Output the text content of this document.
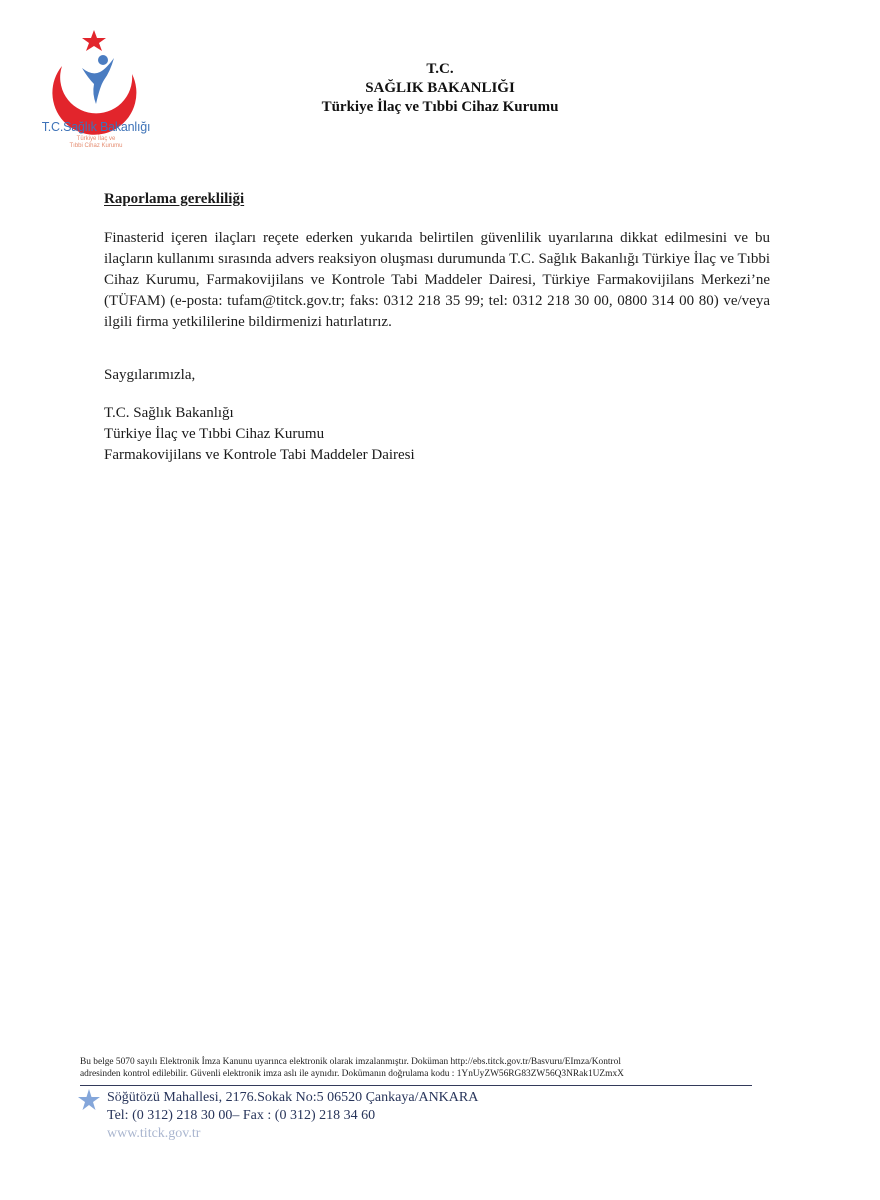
T.C.Sağlık Bakanlığı
Türkiye İlaç ve
Tıbbi Cihaz Kurumu
T.C.
SAĞLIK BAKANLIĞI
Türkiye İlaç ve Tıbbi Cihaz Kurumu
Raporlama gerekliliği
Finasterid içeren ilaçları reçete ederken yukarıda belirtilen güvenlilik uyarılarına dikkat edilmesini ve bu ilaçların kullanımı sırasında advers reaksiyon oluşması durumunda T.C. Sağlık Bakanlığı Türkiye İlaç ve Tıbbi Cihaz Kurumu, Farmakovijilans ve Kontrole Tabi Maddeler Dairesi, Türkiye Farmakovijilans Merkezi’ne (TÜFAM) (e-posta: tufam@titck.gov.tr; faks: 0312 218 35 99; tel: 0312 218 30 00, 0800 314 00 80) ve/veya ilgili firma yetkililerine bildirmenizi hatırlatırız.
Saygılarımızla,
T.C. Sağlık Bakanlığı
Türkiye İlaç ve Tıbbi Cihaz Kurumu
Farmakovijilans ve Kontrole Tabi Maddeler Dairesi
Bu belge 5070 sayılı Elektronik İmza Kanunu uyarınca elektronik olarak imzalanmıştır. Doküman http://ebs.titck.gov.tr/Basvuru/EImza/Kontrol
adresinden kontrol edilebilir. Güvenli elektronik imza aslı ile aynıdır. Dokümanın doğrulama kodu : 1YnUyZW56RG83ZW56Q3NRak1UZmxX
Söğütözü Mahallesi, 2176.Sokak No:5 06520 Çankaya/ANKARA
Tel: (0 312) 218 30 00– Fax : (0 312) 218 34 60
www.titck.gov.tr
